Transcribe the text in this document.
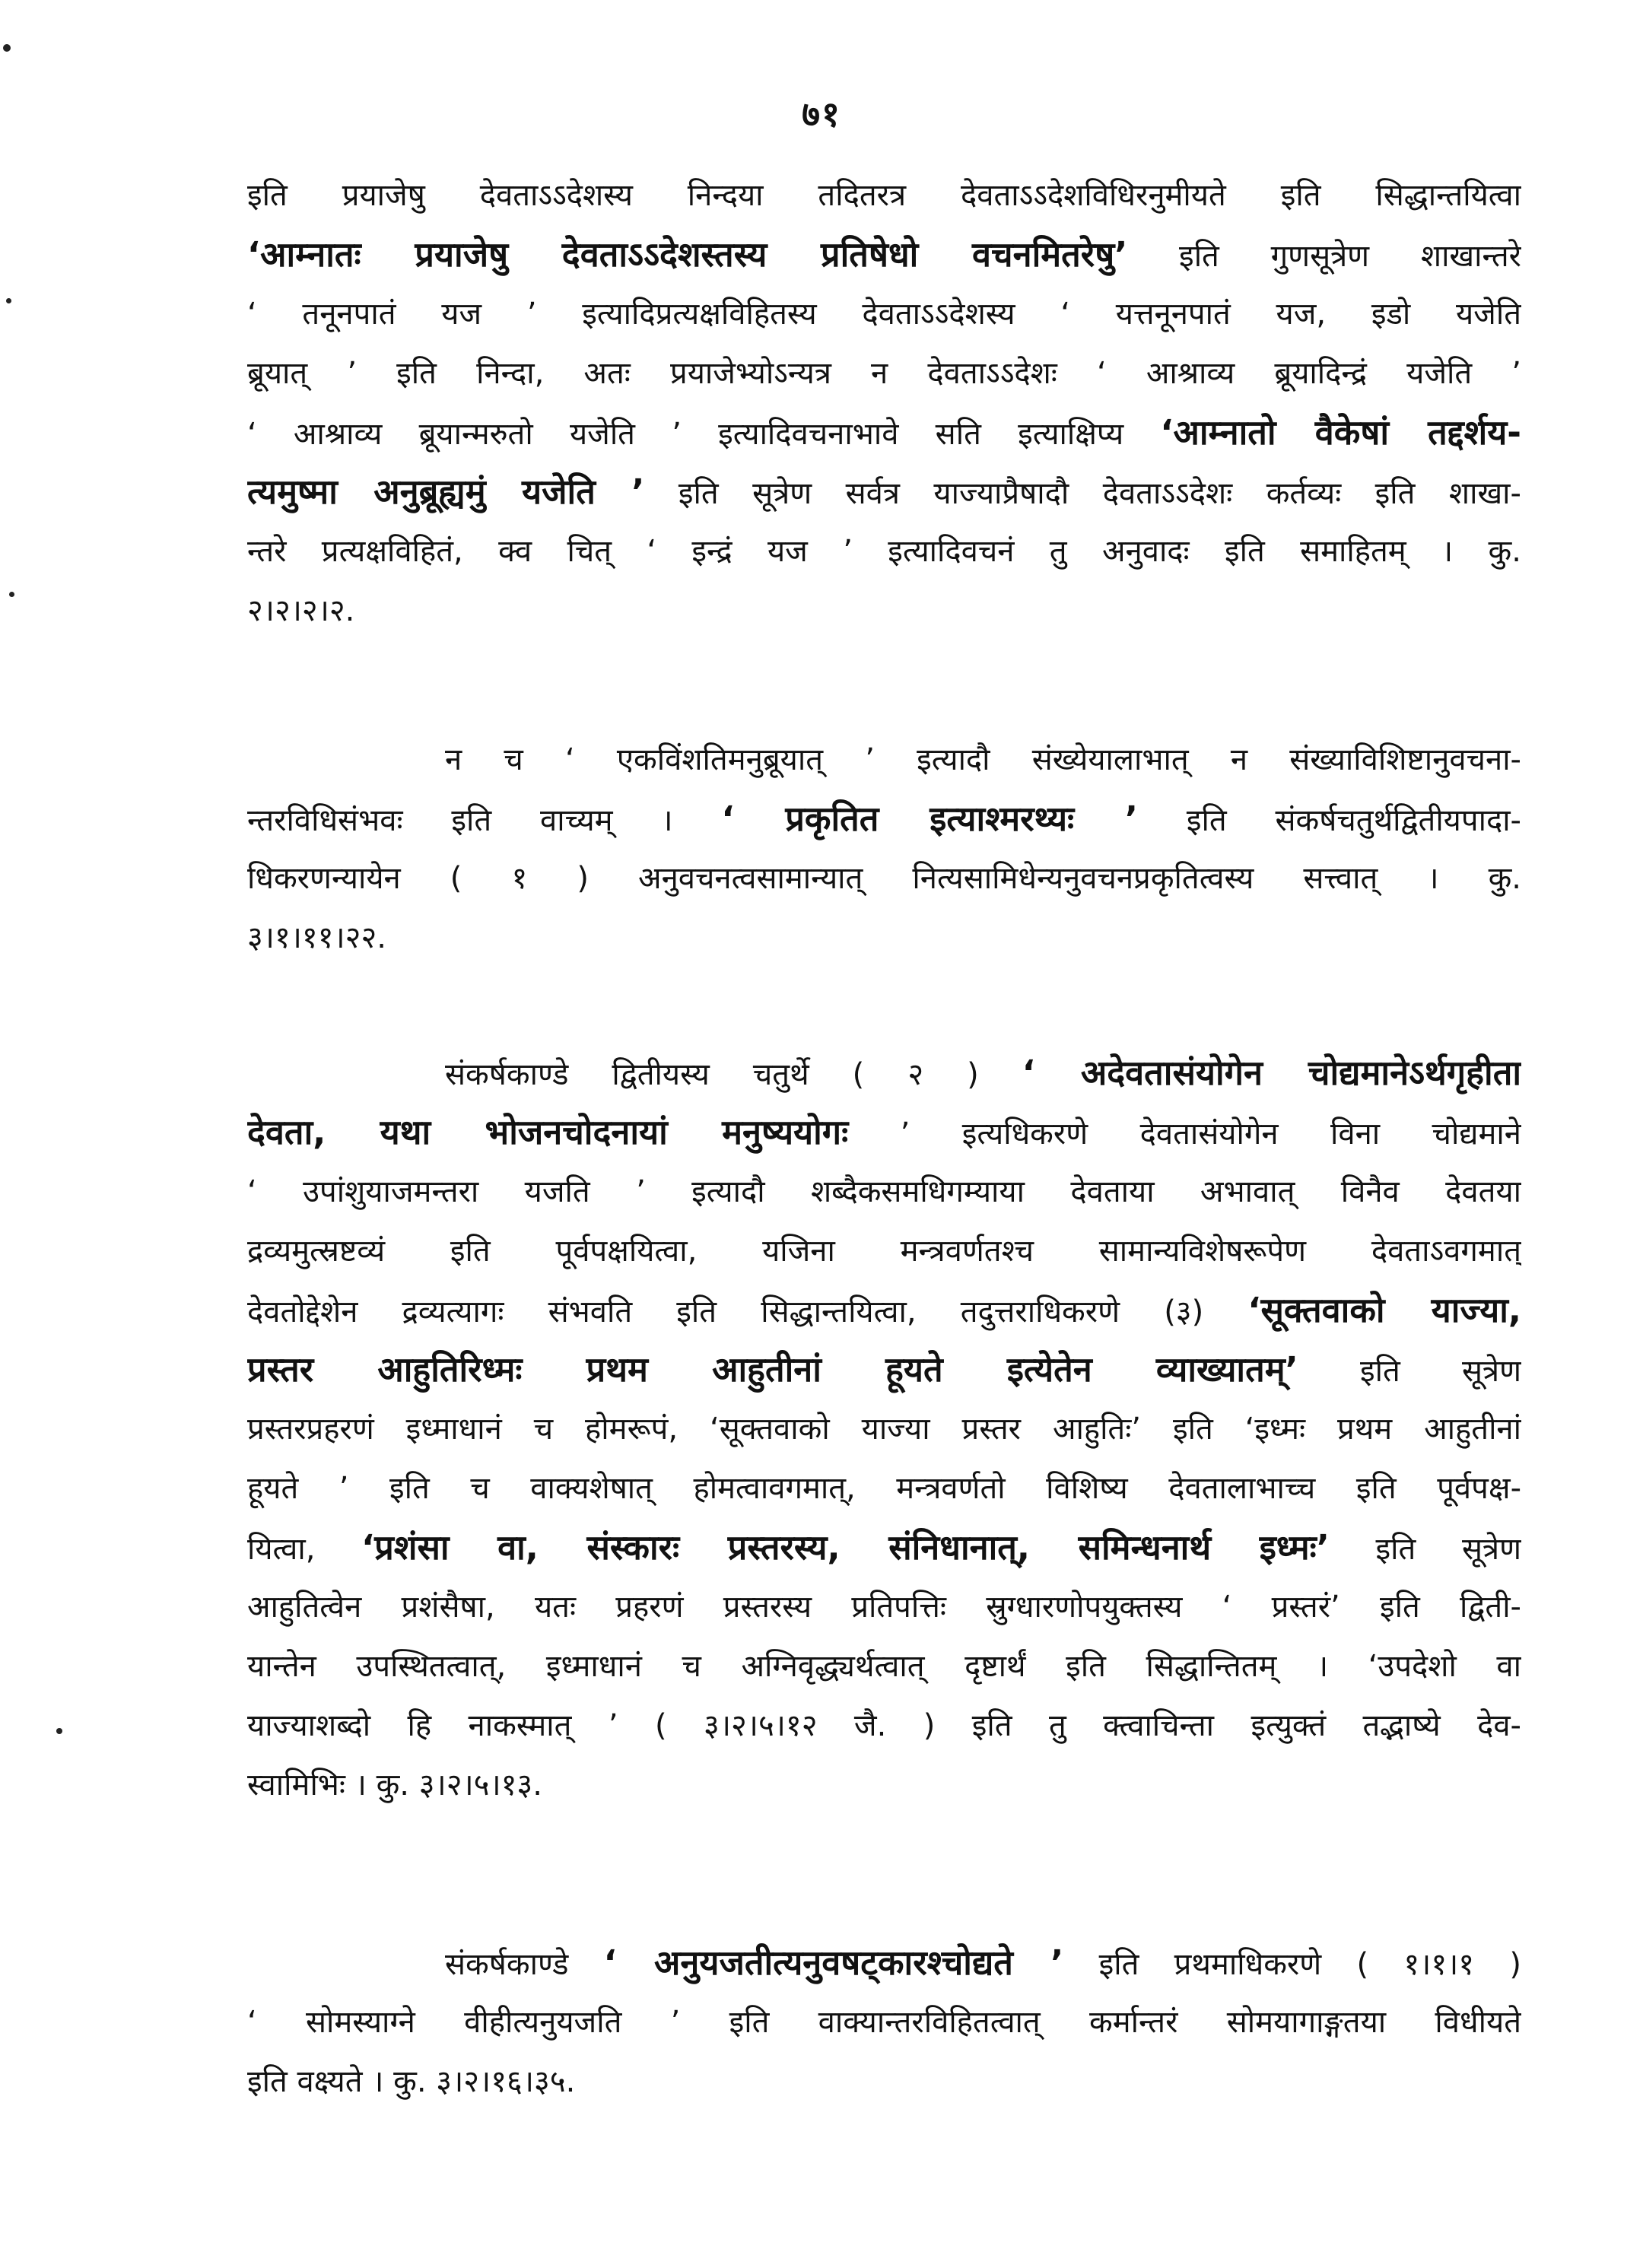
७१
इति प्रयाजेषु देवताऽऽदेशस्य निन्दया तदितरत्र देवताऽऽदेशविधिरनुमीयते इति सिद्धान्तयित्वा
‘आम्नातः प्रयाजेषु देवताऽऽदेशस्तस्य प्रतिषेधो वचनमितरेषु’ इति गुणसूत्रेण शाखान्तरे
‘ तनूनपातं यज ’ इत्यादिप्रत्यक्षविहितस्य देवताऽऽदेशस्य ‘ यत्तनूनपातं यज, इडो यजेति
ब्रूयात् ’ इति निन्दा, अतः प्रयाजेभ्योऽन्यत्र न देवताऽऽदेशः ‘ आश्राव्य ब्रूयादिन्द्रं यजेति ’
‘ आश्राव्य ब्रूयान्मरुतो यजेति ’ इत्यादिवचनाभावे सति इत्याक्षिप्य ‘आम्नातो वैकेषां तद्दर्शय-
त्यमुष्मा अनुब्रूह्यमुं यजेति ’ इति सूत्रेण सर्वत्र याज्याप्रैषादौ देवताऽऽदेशः कर्तव्यः इति शाखा-
न्तरे प्रत्यक्षविहितं, क्व चित् ‘ इन्द्रं यज ’ इत्यादिवचनं तु अनुवादः इति समाहितम् । कु.
२।२।२।२.
न च ‘ एकविंशतिमनुब्रूयात् ’ इत्यादौ संख्येयालाभात् न संख्याविशिष्टानुवचना-
न्तरविधिसंभवः इति वाच्यम् । ‘ प्रकृतित इत्याश्मरथ्यः ’ इति संकर्षचतुर्थद्वितीयपादा-
धिकरणन्यायेन ( १ ) अनुवचनत्वसामान्यात् नित्यसामिधेन्यनुवचनप्रकृतित्वस्य सत्त्वात् । कु.
३।१।११।२२.
संकर्षकाण्डे द्वितीयस्य चतुर्थे ( २ ) ‘ अदेवतासंयोगेन चोद्यमानेऽर्थगृहीता
देवता, यथा भोजनचोदनायां मनुष्ययोगः ’ इत्यधिकरणे देवतासंयोगेन विना चोद्यमाने
‘ उपांशुयाजमन्तरा यजति ’ इत्यादौ शब्दैकसमधिगम्याया देवताया अभावात् विनैव देवतया
द्रव्यमुत्स्रष्टव्यं इति पूर्वपक्षयित्वा, यजिना मन्त्रवर्णतश्च सामान्यविशेषरूपेण देवताऽवगमात्
देवतोद्देशेन द्रव्यत्यागः संभवति इति सिद्धान्तयित्वा, तदुत्तराधिकरणे (३) ‘सूक्तवाको याज्या,
प्रस्तर आहुतिरिध्मः प्रथम आहुतीनां हूयते इत्येतेन व्याख्यातम्’ इति सूत्रेण
प्रस्तरप्रहरणं इध्माधानं च होमरूपं, ‘सूक्तवाको याज्या प्रस्तर आहुतिः’ इति ‘इध्मः प्रथम आहुतीनां
हूयते ’ इति च वाक्यशेषात् होमत्वावगमात्, मन्त्रवर्णतो विशिष्य देवतालाभाच्च इति पूर्वपक्ष-
यित्वा, ‘प्रशंसा वा, संस्कारः प्रस्तरस्य, संनिधानात्, समिन्धनार्थ इध्मः’ इति सूत्रेण
आहुतित्वेन प्रशंसैषा, यतः प्रहरणं प्रस्तरस्य प्रतिपत्तिः स्रुग्धारणोपयुक्तस्य ‘ प्रस्तरं’ इति द्विती-
यान्तेन उपस्थितत्वात्, इध्माधानं च अग्निवृद्ध्यर्थत्वात् दृष्टार्थं इति सिद्धान्तितम् । ‘उपदेशो वा
याज्याशब्दो हि नाकस्मात् ’ ( ३।२।५।१२ जै. ) इति तु क्त्वाचिन्ता इत्युक्तं तद्भाष्ये देव-
स्वामिभिः । कु. ३।२।५।१३.
संकर्षकाण्डे ‘ अनुयजतीत्यनुवषट्कारश्चोद्यते ’ इति प्रथमाधिकरणे ( १।१।१ )
‘ सोमस्याग्ने वीहीत्यनुयजति ’ इति वाक्यान्तरविहितत्वात् कर्मान्तरं सोमयागाङ्गतया विधीयते
इति वक्ष्यते । कु. ३।२।१६।३५.
